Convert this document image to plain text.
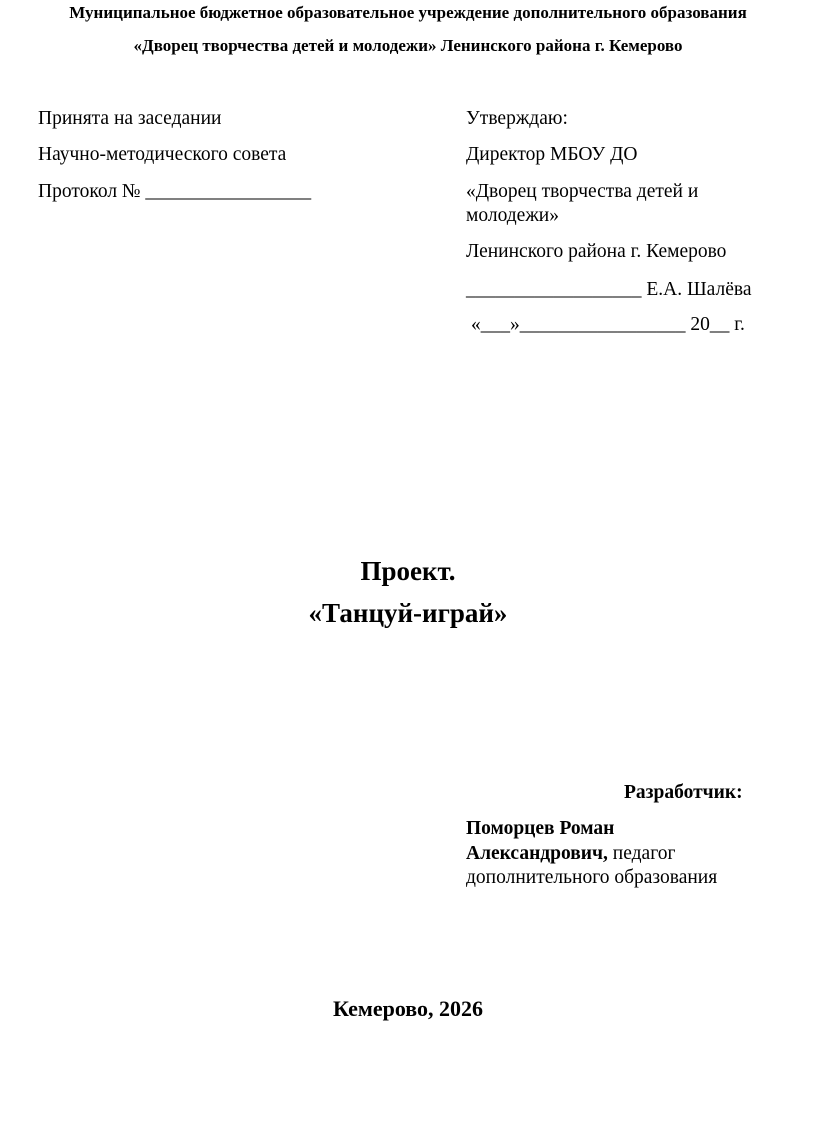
Муниципальное бюджетное образовательное учреждение дополнительного образования
«Дворец творчества детей и молодежи» Ленинского района г. Кемерово
Принята на заседании
Научно-методического совета
Протокол № _________________
Утверждаю:
Директор МБОУ ДО
«Дворец творчества детей и
молодежи»
Ленинского района г. Кемерово
__________________ Е.А. Шалёва
«___»_________________ 20__ г.
Проект.
«Танцуй-играй»
Разработчик:
Поморцев Роман
Александрович, педагог
дополнительного образования
Кемерово, 2026
